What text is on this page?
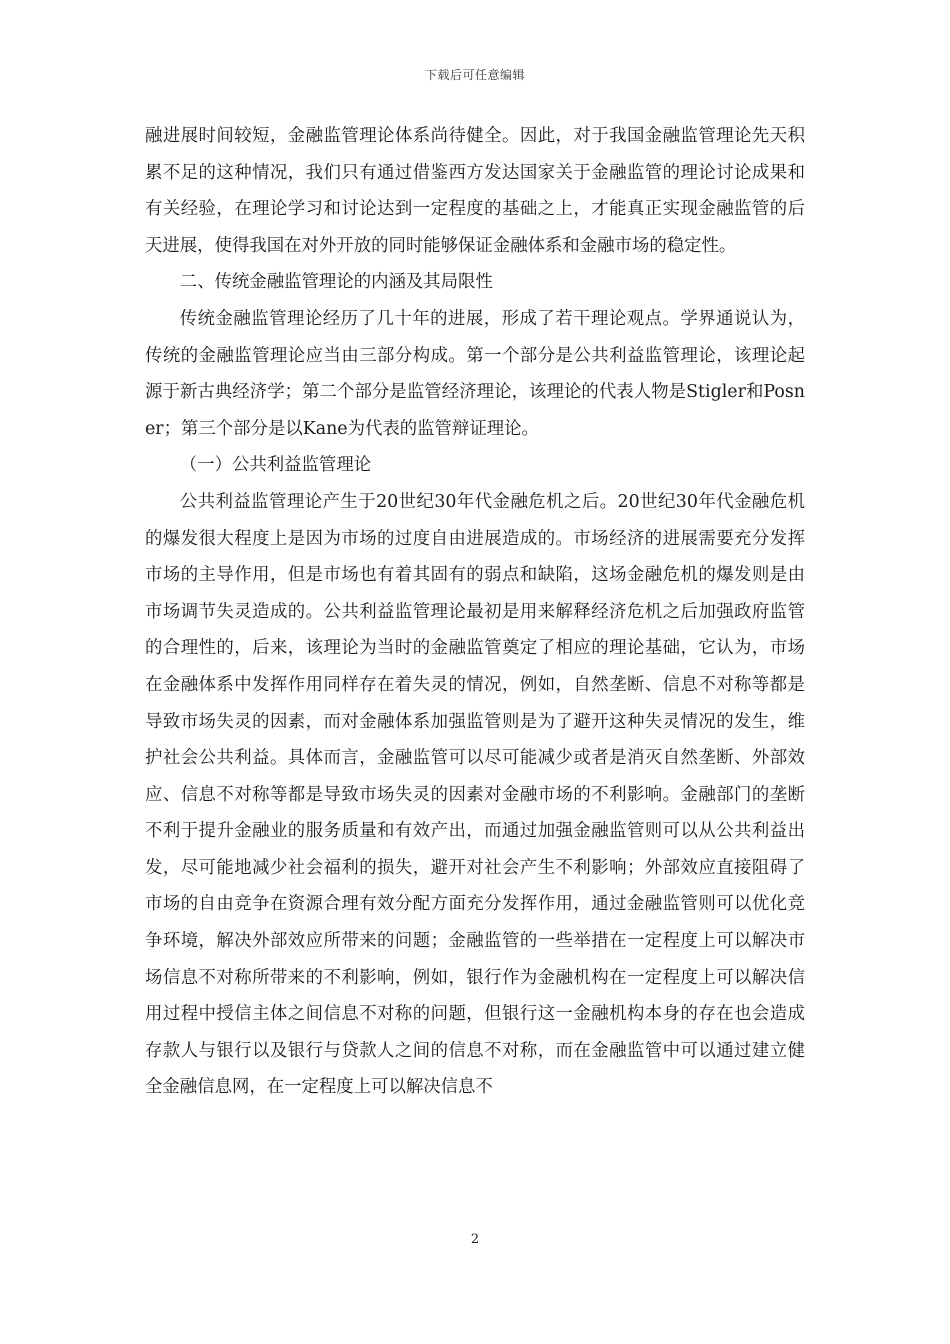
下载后可任意编辑

融进展时间较短，金融监管理论体系尚待健全。因此，对于我国金融监管理论先天积累不足的这种情况，我们只有通过借鉴西方发达国家关于金融监管的理论讨论成果和有关经验，在理论学习和讨论达到一定程度的基础之上，才能真正实现金融监管的后天进展，使得我国在对外开放的同时能够保证金融体系和金融市场的稳定性。

二、传统金融监管理论的内涵及其局限性

传统金融监管理论经历了几十年的进展，形成了若干理论观点。学界通说认为，传统的金融监管理论应当由三部分构成。第一个部分是公共利益监管理论，该理论起源于新古典经济学；第二个部分是监管经济理论，该理论的代表人物是Stigler和Posner；第三个部分是以Kane为代表的监管辩证理论。

（一）公共利益监管理论

公共利益监管理论产生于20世纪30年代金融危机之后。20世纪30年代金融危机的爆发很大程度上是因为市场的过度自由进展造成的。市场经济的进展需要充分发挥市场的主导作用，但是市场也有着其固有的弱点和缺陷，这场金融危机的爆发则是由市场调节失灵造成的。公共利益监管理论最初是用来解释经济危机之后加强政府监管的合理性的，后来，该理论为当时的金融监管奠定了相应的理论基础，它认为，市场在金融体系中发挥作用同样存在着失灵的情况，例如，自然垄断、信息不对称等都是导致市场失灵的因素，而对金融体系加强监管则是为了避开这种失灵情况的发生，维护社会公共利益。具体而言，金融监管可以尽可能减少或者是消灭自然垄断、外部效应、信息不对称等都是导致市场失灵的因素对金融市场的不利影响。金融部门的垄断不利于提升金融业的服务质量和有效产出，而通过加强金融监管则可以从公共利益出发，尽可能地减少社会福利的损失，避开对社会产生不利影响；外部效应直接阻碍了市场的自由竞争在资源合理有效分配方面充分发挥作用，通过金融监管则可以优化竞争环境，解决外部效应所带来的问题；金融监管的一些举措在一定程度上可以解决市场信息不对称所带来的不利影响，例如，银行作为金融机构在一定程度上可以解决信用过程中授信主体之间信息不对称的问题，但银行这一金融机构本身的存在也会造成存款人与银行以及银行与贷款人之间的信息不对称，而在金融监管中可以通过建立健全金融信息网，在一定程度上可以解决信息不

2
